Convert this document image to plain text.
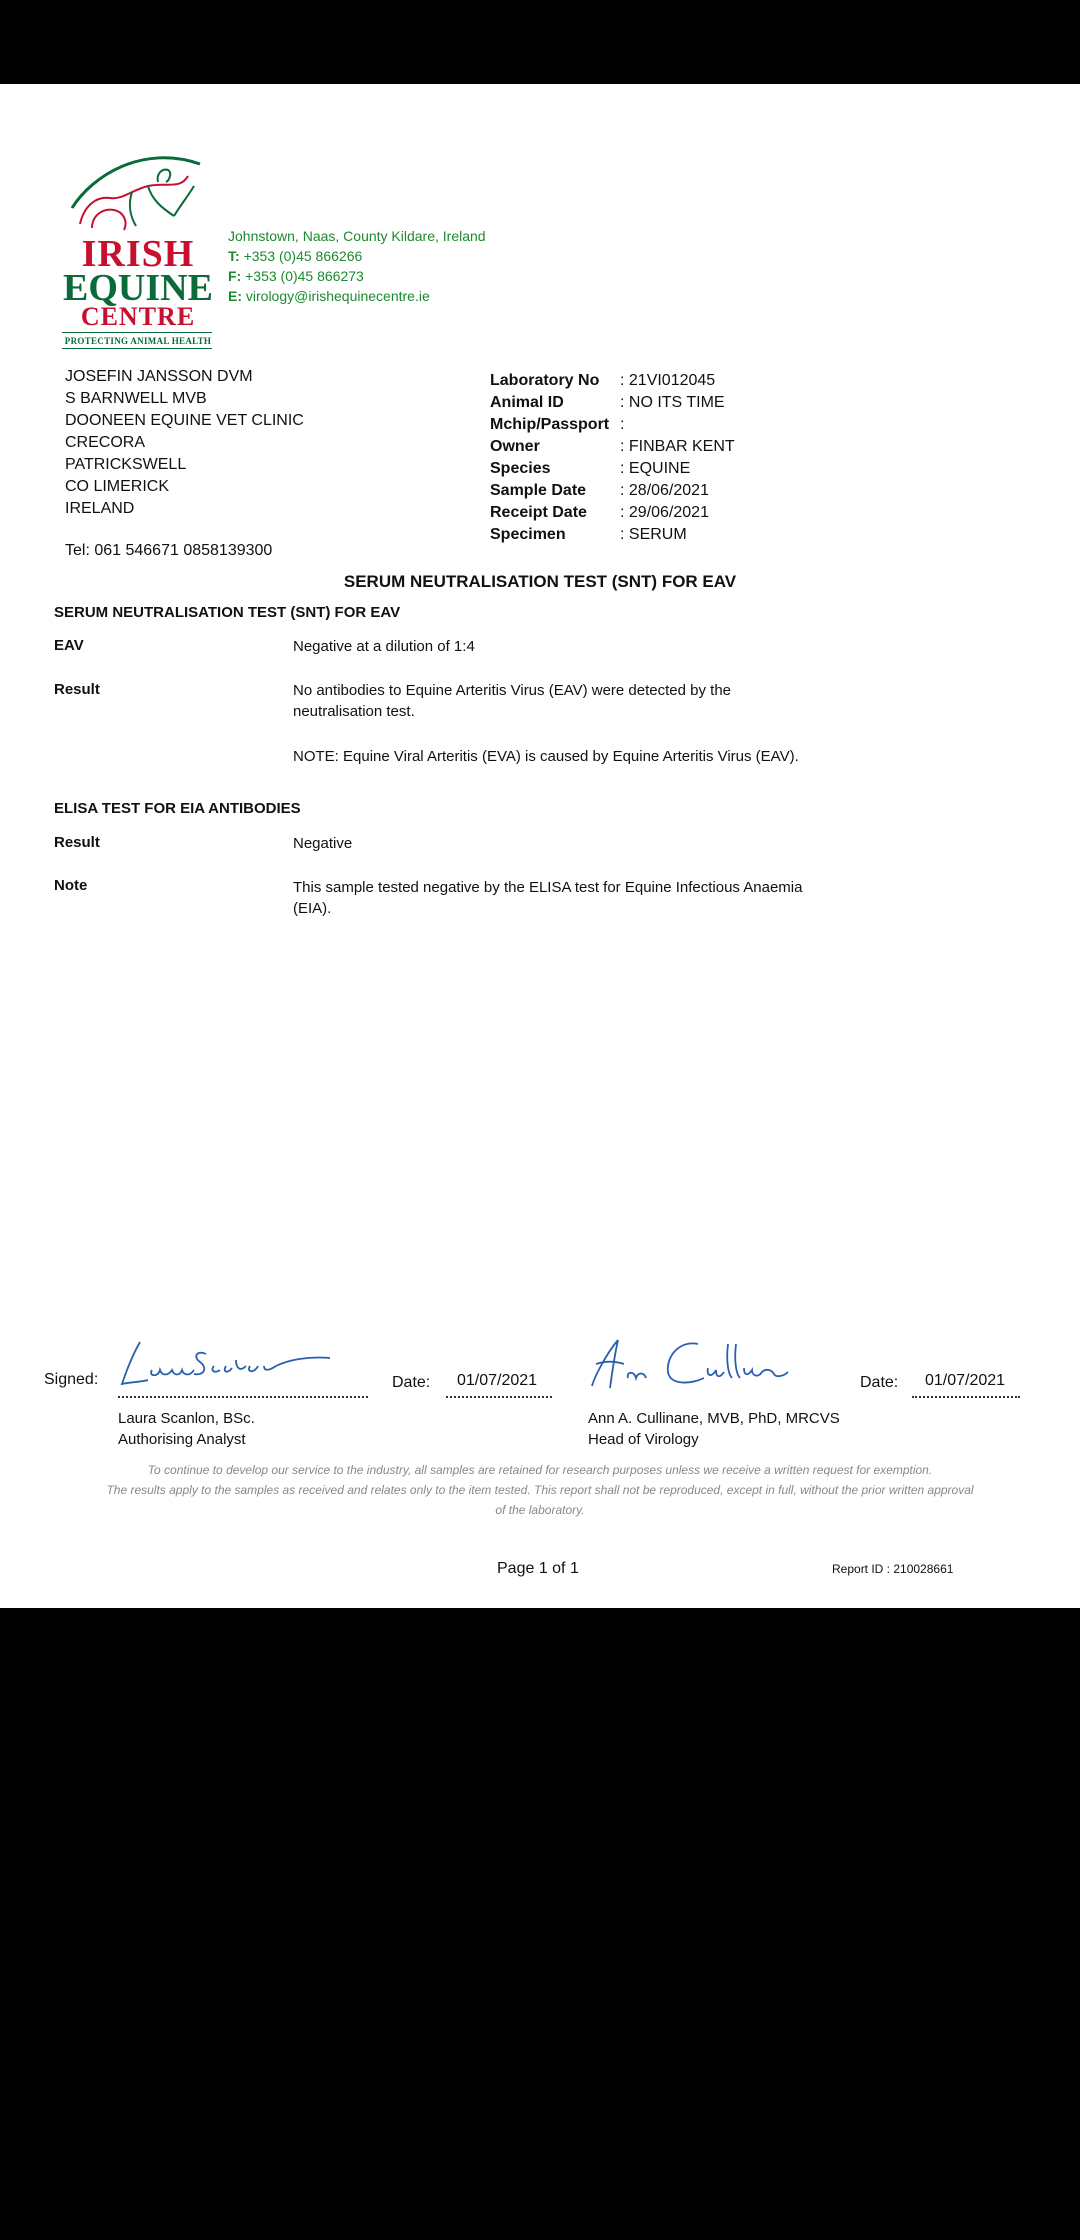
IRISH
EQUINE
CENTRE
PROTECTING ANIMAL HEALTH
Johnstown, Naas, County Kildare, Ireland
T: +353 (0)45 866266
F: +353 (0)45 866273
E: virology@irishequinecentre.ie
JOSEFIN JANSSON DVM
S BARNWELL MVB
DOONEEN EQUINE VET CLINIC
CRECORA
PATRICKSWELL
CO LIMERICK
IRELAND
Tel: 061 546671 0858139300
Laboratory No	: 21VI012045
Animal ID	: NO ITS TIME
Mchip/Passport :
Owner	: FINBAR KENT
Species	: EQUINE
Sample Date	: 28/06/2021
Receipt Date	: 29/06/2021
Specimen	: SERUM
SERUM NEUTRALISATION TEST (SNT) FOR EAV
SERUM NEUTRALISATION TEST (SNT) FOR EAV
EAV	Negative at a dilution of 1:4
Result	No antibodies to Equine Arteritis Virus (EAV) were detected by the neutralisation test.
NOTE: Equine Viral Arteritis (EVA) is caused by Equine Arteritis Virus (EAV).
ELISA TEST FOR EIA ANTIBODIES
Result	Negative
Note	This sample tested negative by the ELISA test for Equine Infectious Anaemia (EIA).
Signed:	Date: 01/07/2021	Date: 01/07/2021
Laura Scanlon, BSc.
Authorising Analyst
Ann A. Cullinane, MVB, PhD, MRCVS
Head of Virology
To continue to develop our service to the industry, all samples are retained for research purposes unless we receive a written request for exemption.
The results apply to the samples as received and relates only to the item tested. This report shall not be reproduced, except in full, without the prior written approval of the laboratory.
Page 1 of 1	Report ID : 210028661
